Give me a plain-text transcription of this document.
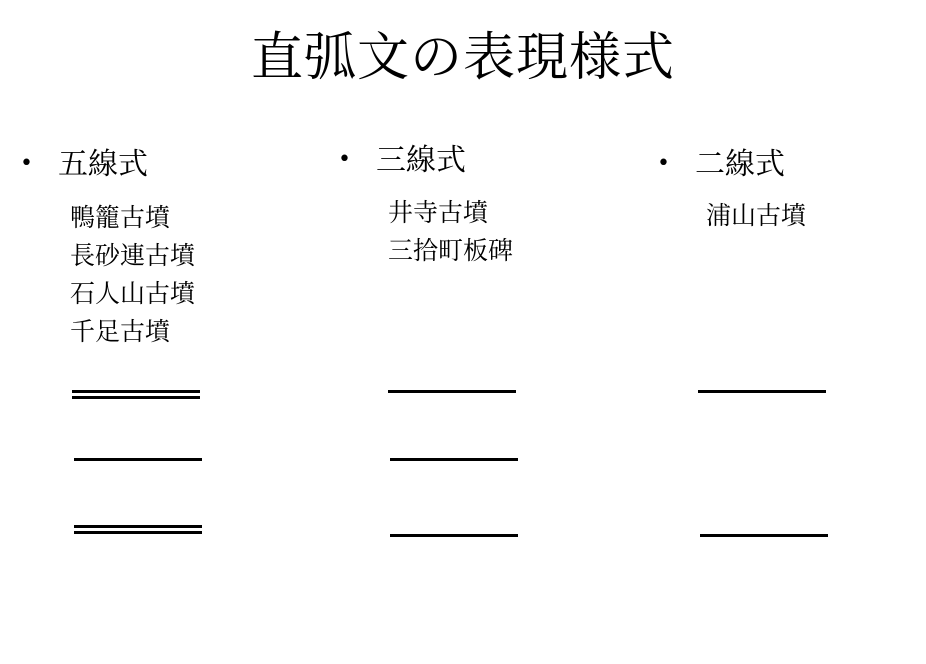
直弧文の表現様式
• 五線式
鴨籠古墳
長砂連古墳
石人山古墳
千足古墳
• 三線式
井寺古墳
三拾町板碑
• 二線式
浦山古墳
